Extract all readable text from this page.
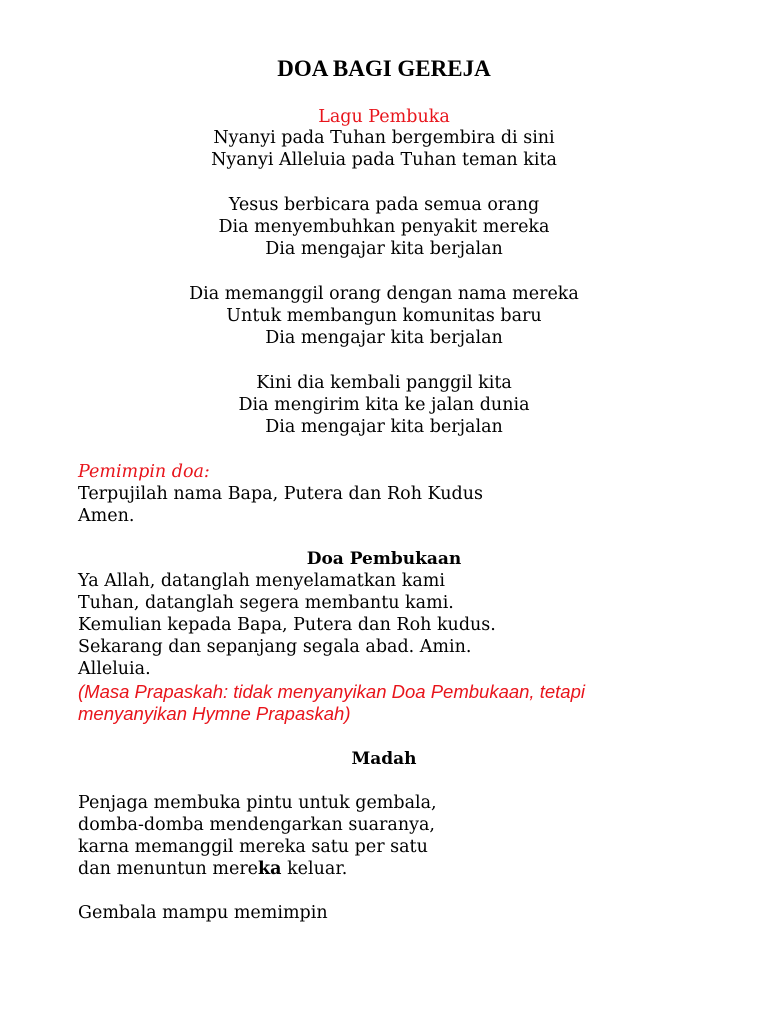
DOA BAGI GEREJA

Lagu Pembuka

Nyanyi pada Tuhan bergembira di sini

Nyanyi Alleluia pada Tuhan teman kita

Yesus berbicara pada semua orang

Dia menyembuhkan penyakit mereka

Dia mengajar kita berjalan

Dia memanggil orang dengan nama mereka

Untuk membangun komunitas baru

Dia mengajar kita berjalan

Kini dia kembali panggil kita

Dia mengirim kita ke jalan dunia

Dia mengajar kita berjalan

Pemimpin doa:

Terpujilah nama Bapa, Putera dan Roh Kudus

Amen.

Doa Pembukaan

Ya Allah, datanglah menyelamatkan kami

Tuhan, datanglah segera membantu kami.

Kemulian kepada Bapa, Putera dan Roh kudus.

Sekarang dan sepanjang segala abad. Amin.

Alleluia.

(Masa Prapaskah: tidak menyanyikan Doa Pembukaan, tetapi

menyanyikan Hymne Prapaskah)

Madah

Penjaga membuka pintu untuk gembala,

domba-domba mendengarkan suaranya,

karna memanggil mereka satu per satu

dan menuntun mereka keluar.

Gembala mampu memimpin
